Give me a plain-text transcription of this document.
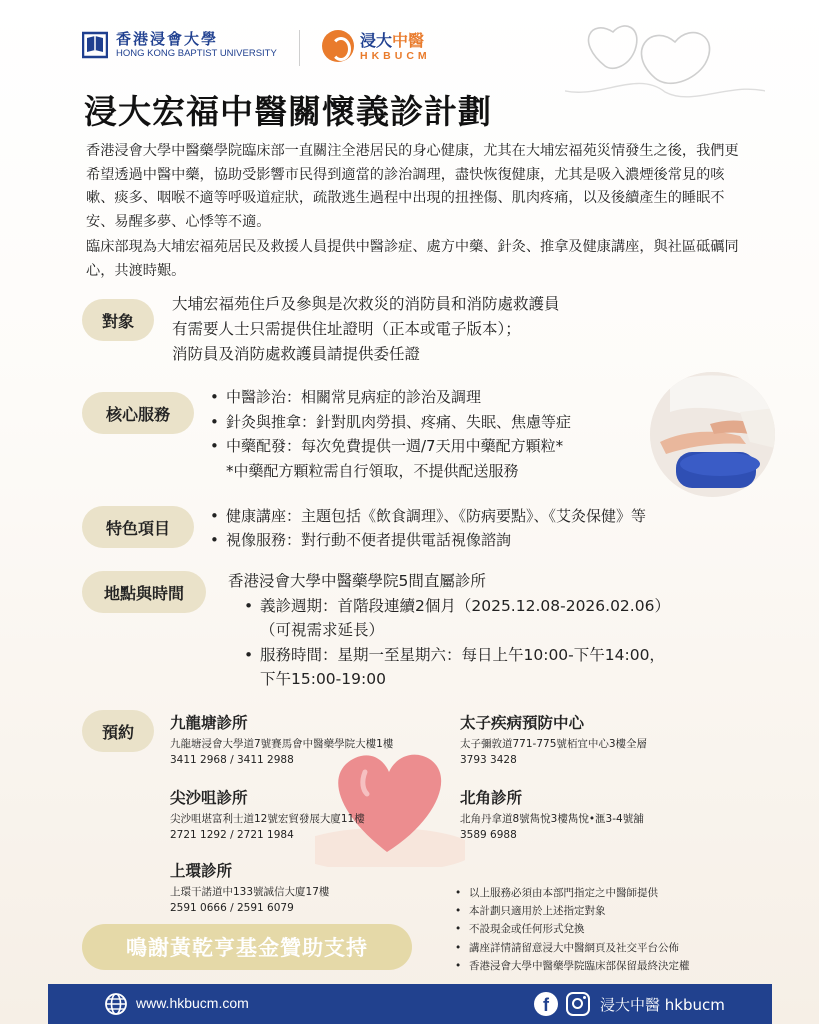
香港浸會大學
HONG KONG BAPTIST UNIVERSITY
浸大中醫
HKBUCM
浸大宏福中醫關懷義診計劃

香港浸會大學中醫藥學院臨床部一直關注全港居民的身心健康，尤其在大埔宏福苑災情發生之後，我們更希望透過中醫中藥，協助受影響市民得到適當的診治調理，盡快恢復健康，尤其是吸入濃煙後常見的咳嗽、痰多、咽喉不適等呼吸道症狀，疏散逃生過程中出現的扭挫傷、肌肉疼痛，以及後續產生的睡眠不安、易醒多夢、心悸等不適。

臨床部現為大埔宏福苑居民及救援人員提供中醫診症、處方中藥、針灸、推拿及健康講座，與社區砥礪同心，共渡時艱。

對象
大埔宏福苑住戶及參與是次救災的消防員和消防處救護員
有需要人士只需提供住址證明（正本或電子版本）；
消防員及消防處救護員請提供委任證
核心服務
• 中醫診治：相關常見病症的診治及調理
• 針灸與推拿：針對肌肉勞損、疼痛、失眠、焦慮等症
• 中藥配發：每次免費提供一週/7天用中藥配方顆粒*
*中藥配方顆粒需自行領取，不提供配送服務
特色項目
• 健康講座：主題包括《飲食調理》、《防病要點》、《艾灸保健》等
• 視像服務：對行動不便者提供電話視像諮詢
地點與時間
香港浸會大學中醫藥學院5間直屬診所
• 義診週期：首階段連續2個月（2025.12.08-2026.02.06）
（可視需求延長）
• 服務時間：星期一至星期六：每日上午10:00-下午14:00，
下午15:00-19:00
預約	九龍塘診所
九龍塘浸會大學道7號賽馬會中醫藥學院大樓1樓
3411 2968 / 3411 2988
太子疾病預防中心
太子彌敦道771-775號栢宜中心3樓全層
3793 3428
尖沙咀診所
尖沙咀堪富利士道12號宏貿發展大廈11樓
2721 1292 / 2721 1984
北角診所
北角丹拿道8號雋悅3樓雋悅•滙3-4號舖
3589 6988
上環診所
上環干諾道中133號誠信大廈17樓
2591 0666 / 2591 6079
• 以上服務必須由本部門指定之中醫師提供
• 本計劃只適用於上述指定對象
• 不設現金或任何形式兌換
• 講座詳情請留意浸大中醫網頁及社交平台公佈
• 香港浸會大學中醫藥學院臨床部保留最終決定權
鳴謝黃乾亨基金贊助支持
www.hkbucm.com	f	浸大中醫 hkbucm
